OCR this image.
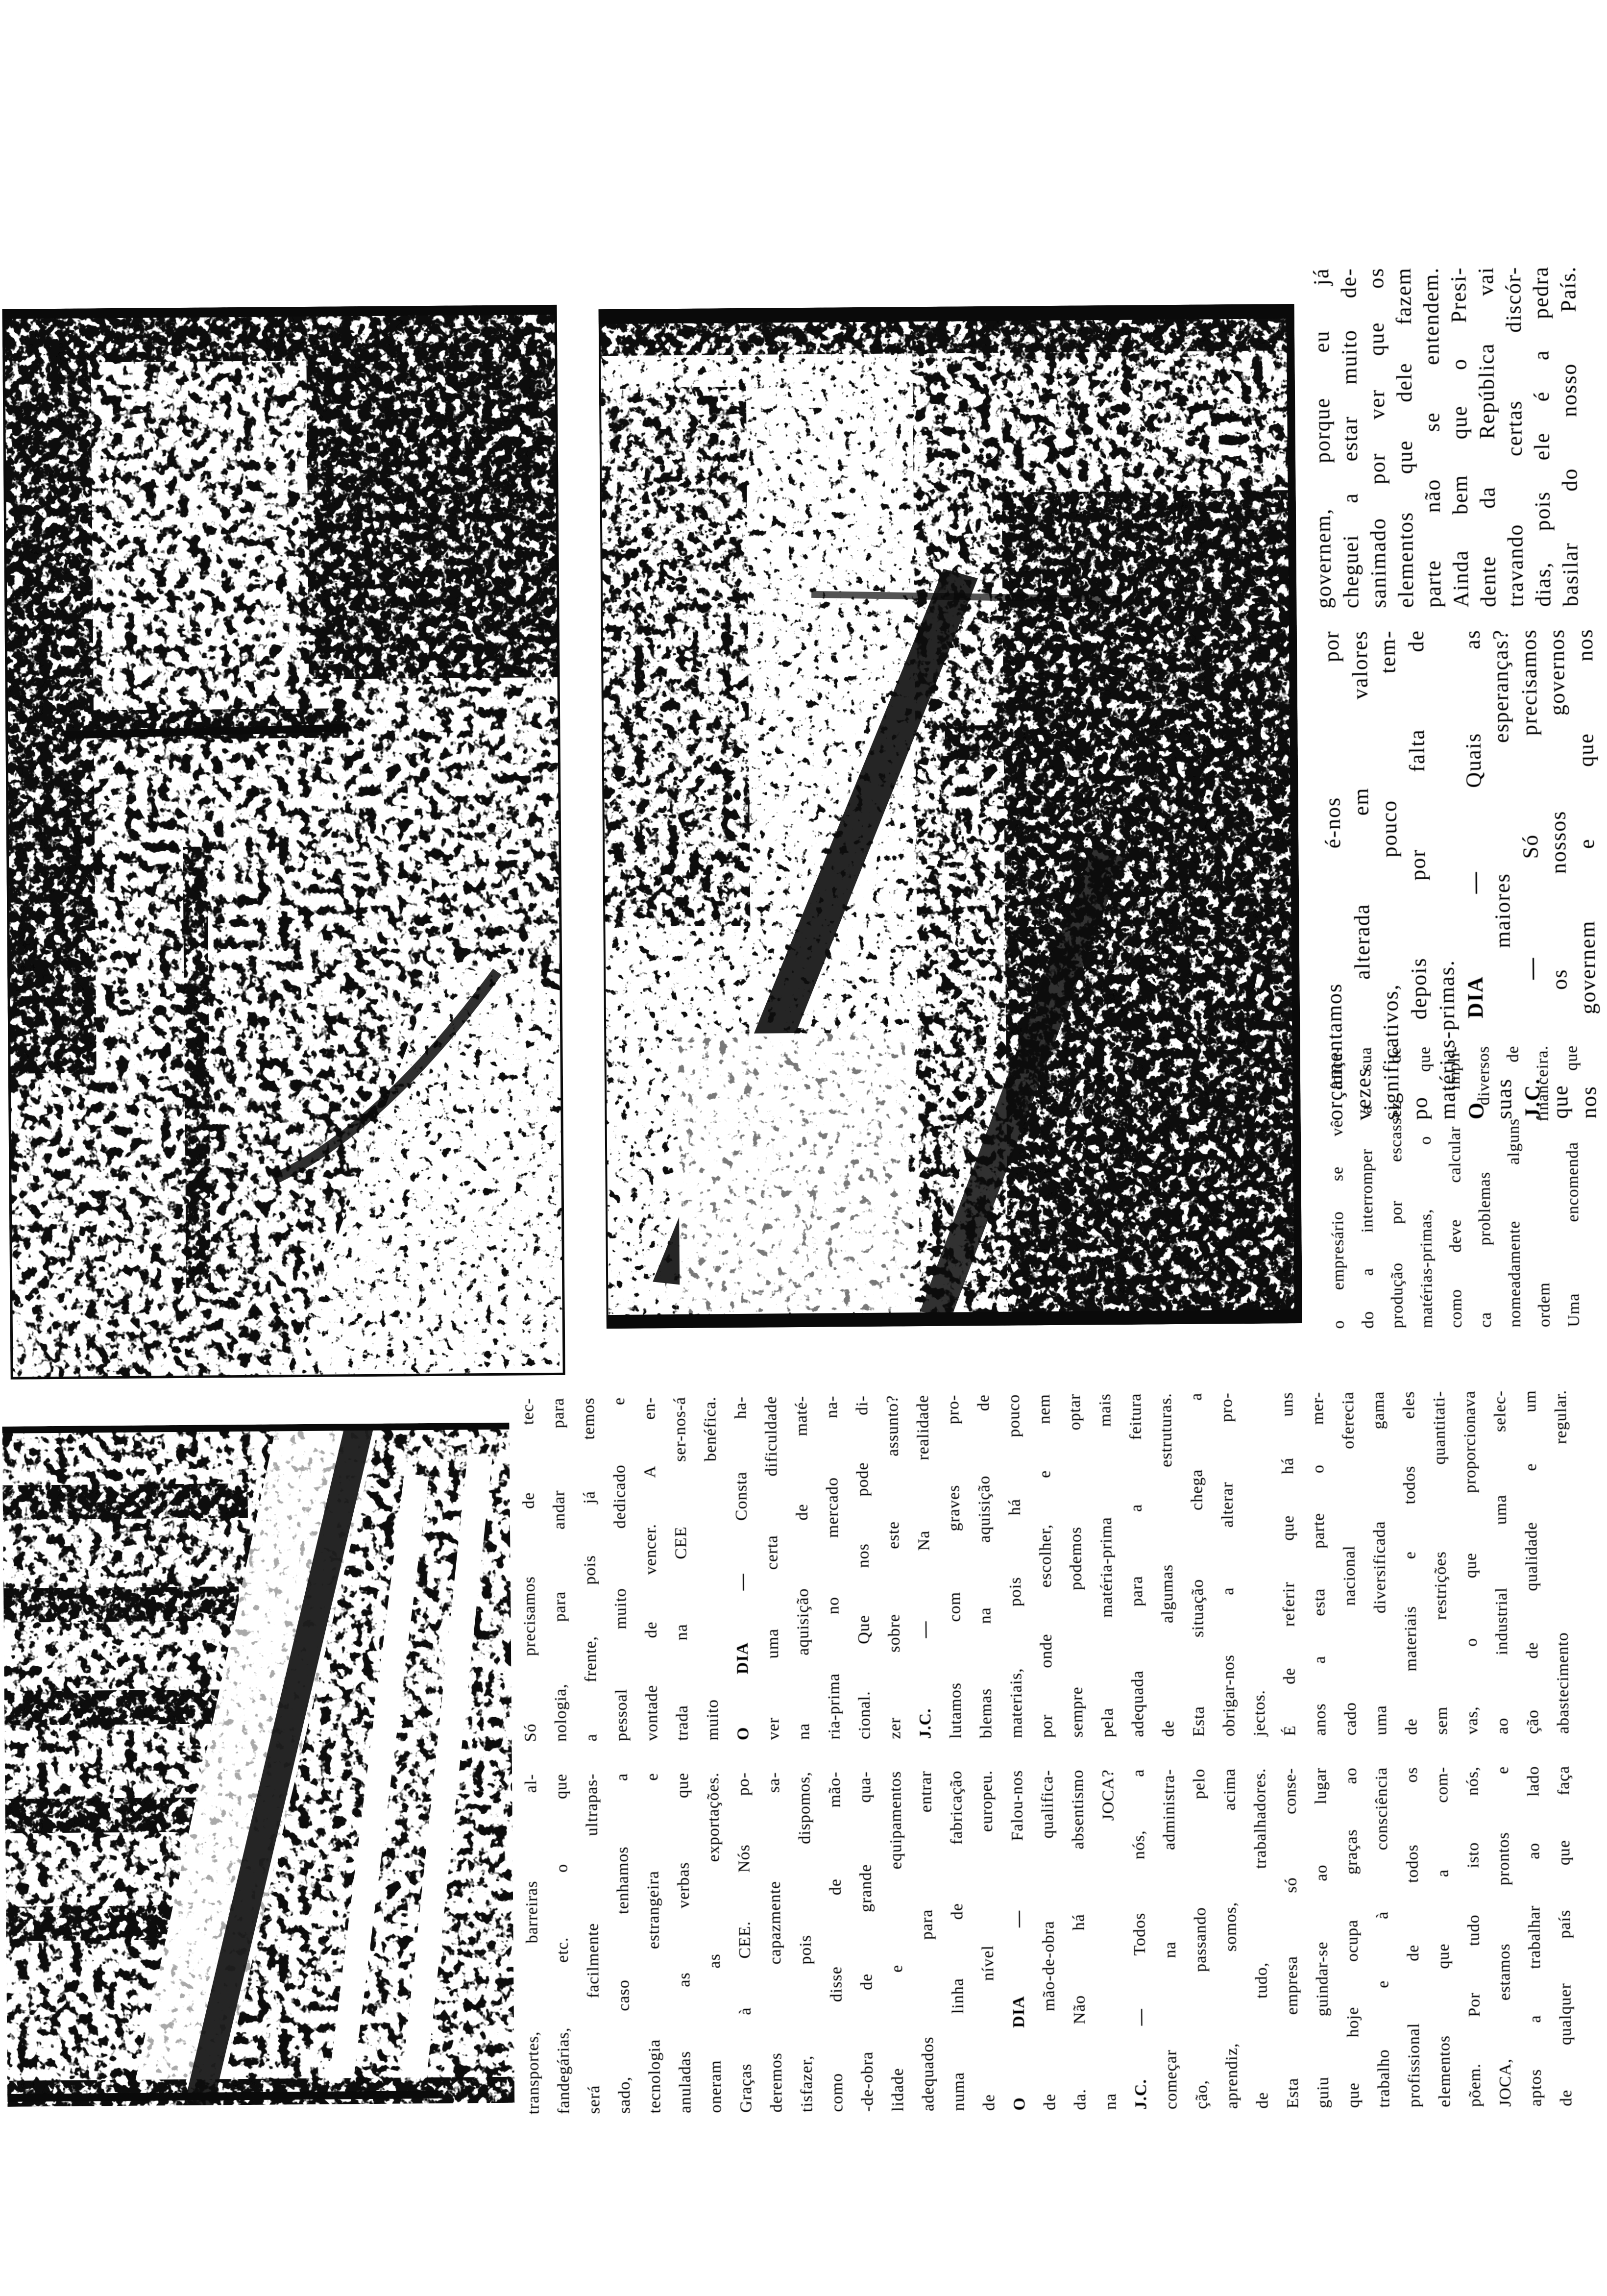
governem, porque eu já cheguei a estar muito de- sanimado por ver que os elementos que dele fazem parte não se entendem. Ainda bem que o Presi- dente da República vai travando certas discór- dias, pois ele é a pedra basilar do nosso País.
orçamentamos é-nos por vezes alterada em valores significativos, pouco tem- po depois por falta de matérias-primas. O DIA — Quais as suas maiores esperanças? J.C. — Só precisamos que os nossos governos nos governem e que nos
o empresário se vê força- do a interromper a sua produção por escassez de matérias-primas, o que como deve calcular impli- ca problemas diversos nomeadamente alguns de ordem financeira. Uma encomenda que
Só precisamos de tec- nologia, para andar para a frente, pois já temos pessoal muito dedicado e vontade de vencer. A en- trada na CEE ser-nos-á muito benéfica. O DIA — Consta ha- ver uma certa dificuldade na aquisição de maté- ria-prima no mercado na- cional. Que nos pode di- zer sobre este assunto? J.C. — Na realidade lutamos com graves pro- blemas na aquisição de materiais, pois há pouco por onde escolher, e nem sempre podemos optar pela matéria-prima mais adequada para a feitura de algumas estruturas. Esta situação chega a obrigar-nos a alterar pro- jectos. É de referir que há uns anos a esta parte o mer- cado nacional oferecia uma diversificada gama de materiais e todos eles sem restrições quantitati- vas, o que proporcionava ao industrial uma selec- ção de qualidade e um abastecimento regular.
transportes, barreiras al- fandegárias, etc. o que será facilmente ultrapas- sado, caso tenhamos a tecnologia estrangeira e anuladas as verbas que oneram as exportações. Graças à CEE. Nós po- deremos capazmente sa- tisfazer, pois dispomos, como disse de mão- -de-obra de grande qua- lidade e equipamentos adequados para entrar numa linha de fabricação de nível europeu. O DIA — Falou-nos de mão-de-obra qualifica- da. Não há absentismo na JOCA? J.C. — Todos nós, a começar na administra- ção, passando pelo aprendiz, somos, acima de tudo, trabalhadores. Esta empresa só conse- guiu guindar-se ao lugar que hoje ocupa graças ao trabalho e à consciência profissional de todos os elementos que a com- põem. Por tudo isto nós, JOCA, estamos prontos e aptos a trabalhar ao lado de qualquer país que faça
